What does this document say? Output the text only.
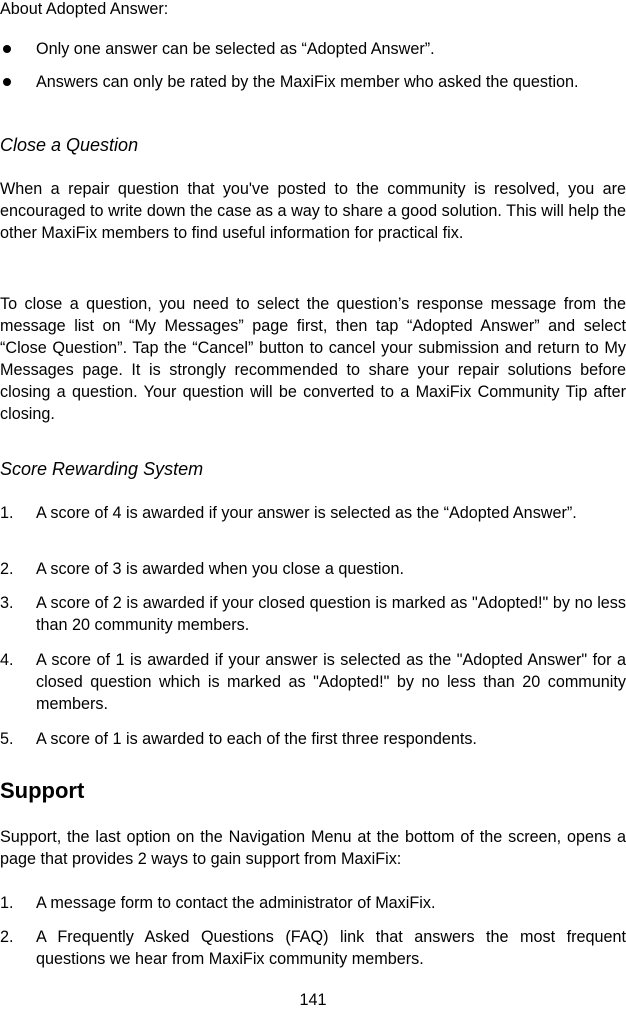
About Adopted Answer:

Only one answer can be selected as “Adopted Answer”.
Answers can only be rated by the MaxiFix member who asked the question.

Close a Question

When a repair question that you've posted to the community is resolved, you are encouraged to write down the case as a way to share a good solution. This will help the other MaxiFix members to find useful information for practical fix.

To close a question, you need to select the question’s response message from the message list on “My Messages” page first, then tap “Adopted Answer” and select “Close Question”. Tap the “Cancel” button to cancel your submission and return to My Messages page. It is strongly recommended to share your repair solutions before closing a question. Your question will be converted to a MaxiFix Community Tip after closing.

Score Rewarding System

1. A score of 4 is awarded if your answer is selected as the “Adopted Answer”.
2. A score of 3 is awarded when you close a question.
3. A score of 2 is awarded if your closed question is marked as "Adopted!" by no less than 20 community members.
4. A score of 1 is awarded if your answer is selected as the "Adopted Answer" for a closed question which is marked as "Adopted!" by no less than 20 community members.
5. A score of 1 is awarded to each of the first three respondents.

Support

Support, the last option on the Navigation Menu at the bottom of the screen, opens a page that provides 2 ways to gain support from MaxiFix:

1. A message form to contact the administrator of MaxiFix.
2. A Frequently Asked Questions (FAQ) link that answers the most frequent questions we hear from MaxiFix community members.
141
